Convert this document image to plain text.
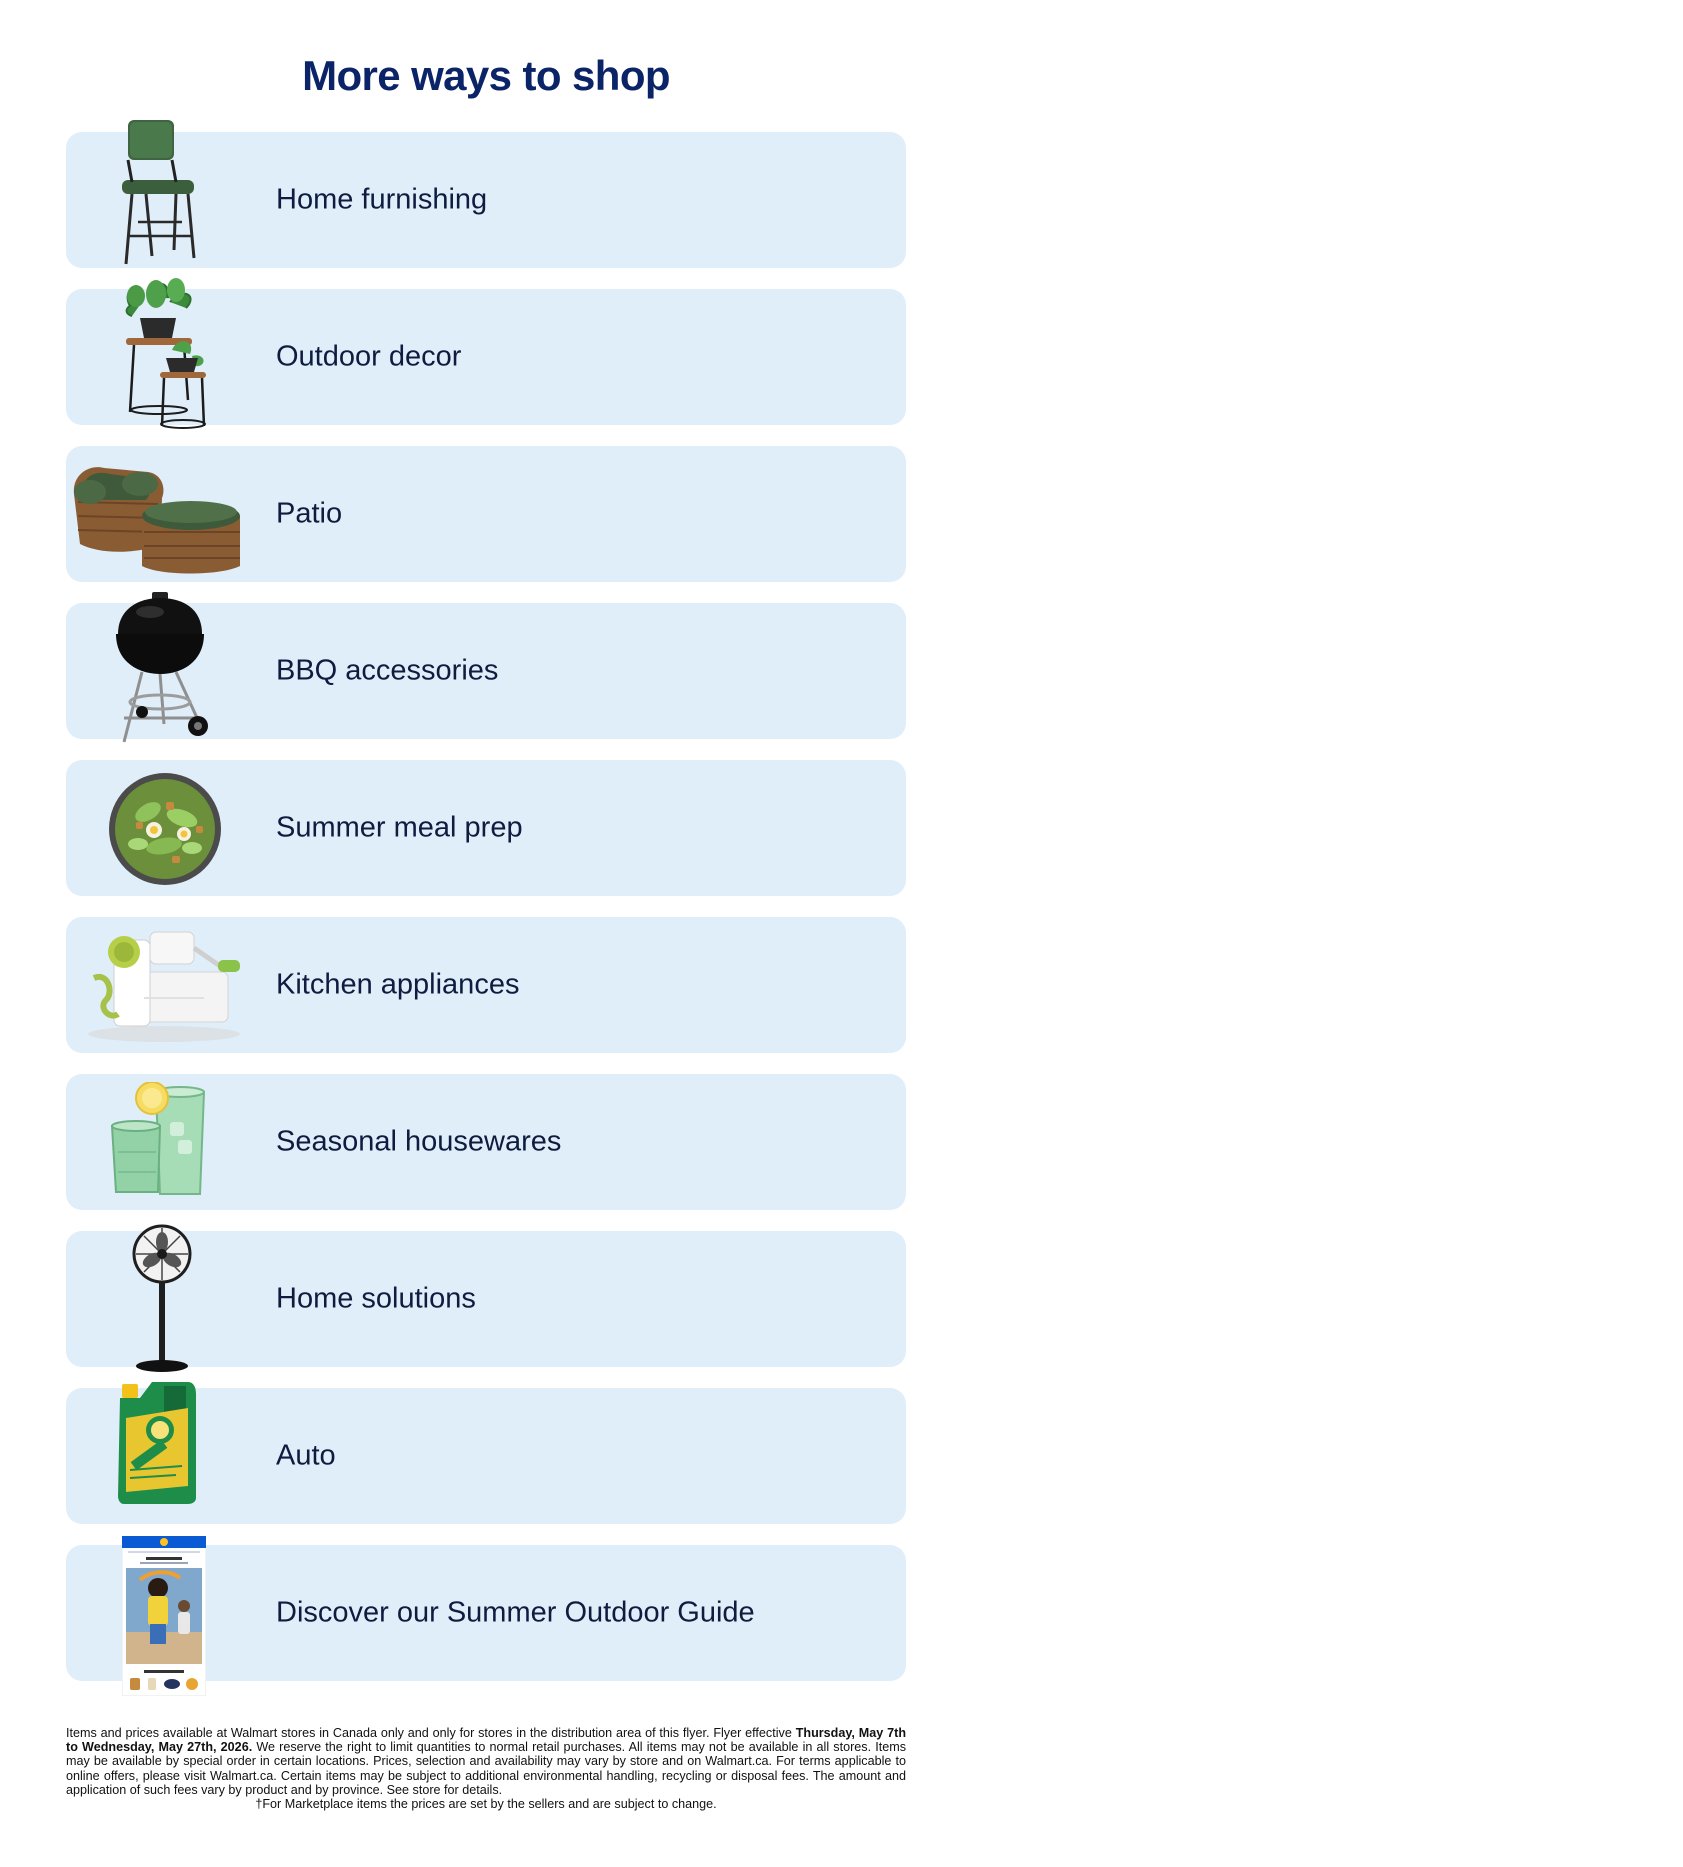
More ways to shop
Home furnishing
Outdoor decor
Patio
BBQ accessories
Summer meal prep
Kitchen appliances
Seasonal housewares
Home solutions
Auto
Discover our Summer Outdoor Guide

Items and prices available at Walmart stores in Canada only and only for stores in the distribution area of this flyer. Flyer effective Thursday, May 7th to Wednesday, May 27th, 2026. We reserve the right to limit quantities to normal retail purchases. All items may not be available in all stores. Items may be available by special order in certain locations. Prices, selection and availability may vary by store and on Walmart.ca. For terms applicable to online offers, please visit Walmart.ca. Certain items may be subject to additional environmental handling, recycling or disposal fees. The amount and application of such fees vary by product and by province. See store for details.

†For Marketplace items the prices are set by the sellers and are subject to change.
